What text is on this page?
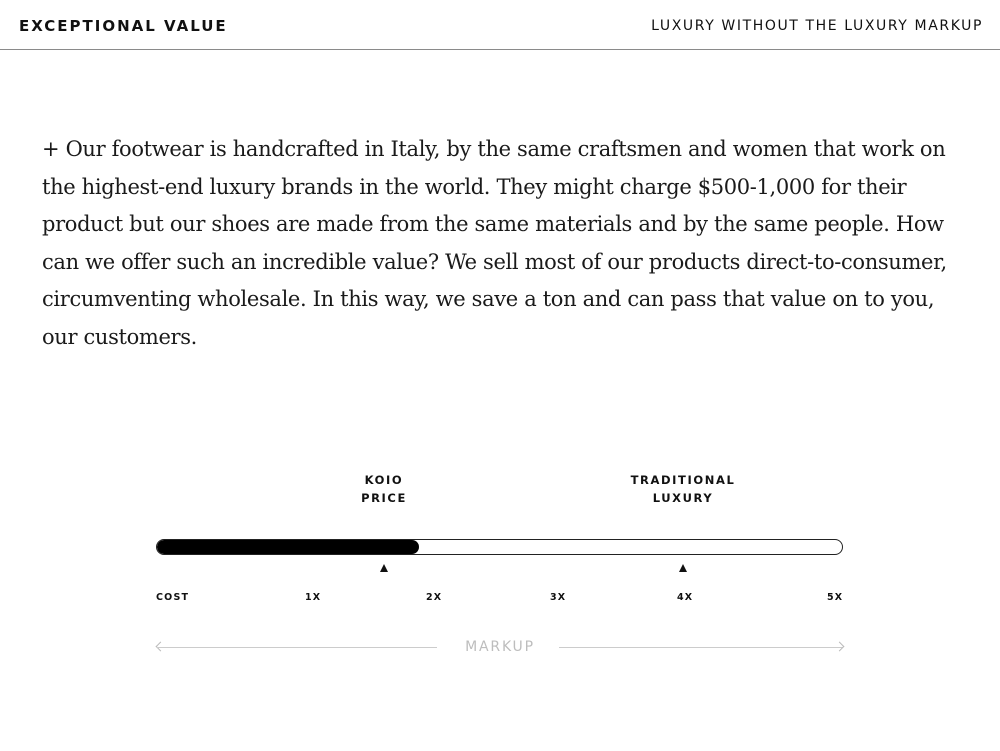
EXCEPTIONAL VALUE	LUXURY WITHOUT THE LUXURY MARKUP

+ Our footwear is handcrafted in Italy, by the same craftsmen and women that work on the highest-end luxury brands in the world. They might charge $500-1,000 for their product but our shoes are made from the same materials and by the same people. How can we offer such an incredible value? We sell most of our products direct-to-consumer, circumventing wholesale. In this way, we save a ton and can pass that value on to you, our customers.

KOIO
PRICE
TRADITIONAL
LUXURY
COST	1X	2X	3X	4X	5X
MARKUP
